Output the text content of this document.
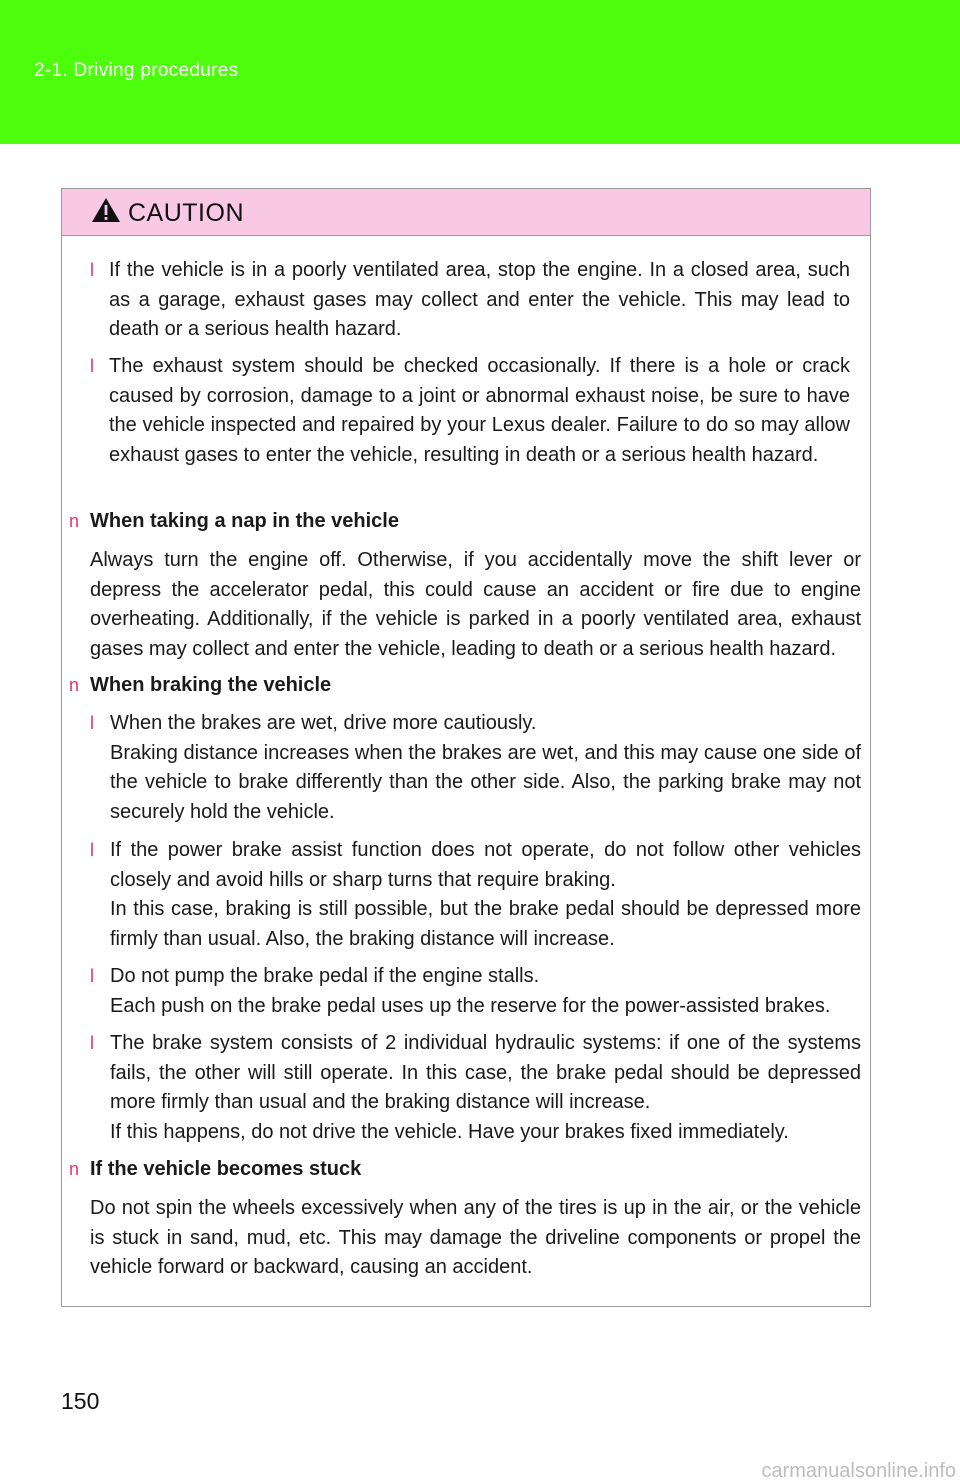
2-1. Driving procedures
CAUTION
l If the vehicle is in a poorly ventilated area, stop the engine. In a closed area, such as a garage, exhaust gases may collect and enter the vehicle. This may lead to death or a serious health hazard.
l The exhaust system should be checked occasionally. If there is a hole or crack caused by corrosion, damage to a joint or abnormal exhaust noise, be sure to have the vehicle inspected and repaired by your Lexus dealer. Failure to do so may allow exhaust gases to enter the vehicle, resulting in death or a serious health hazard.
n When taking a nap in the vehicle
Always turn the engine off. Otherwise, if you accidentally move the shift lever or depress the accelerator pedal, this could cause an accident or fire due to engine overheating. Additionally, if the vehicle is parked in a poorly ventilated area, exhaust gases may collect and enter the vehicle, leading to death or a serious health hazard.
n When braking the vehicle
l When the brakes are wet, drive more cautiously.
Braking distance increases when the brakes are wet, and this may cause one side of the vehicle to brake differently than the other side. Also, the parking brake may not securely hold the vehicle.
l If the power brake assist function does not operate, do not follow other vehicles closely and avoid hills or sharp turns that require braking.
In this case, braking is still possible, but the brake pedal should be depressed more firmly than usual. Also, the braking distance will increase.
l Do not pump the brake pedal if the engine stalls.
Each push on the brake pedal uses up the reserve for the power-assisted brakes.
l The brake system consists of 2 individual hydraulic systems: if one of the systems fails, the other will still operate. In this case, the brake pedal should be depressed more firmly than usual and the braking distance will increase.
If this happens, do not drive the vehicle. Have your brakes fixed immediately.
n If the vehicle becomes stuck
Do not spin the wheels excessively when any of the tires is up in the air, or the vehicle is stuck in sand, mud, etc. This may damage the driveline components or propel the vehicle forward or backward, causing an accident.
150
carmanualsonline.info
